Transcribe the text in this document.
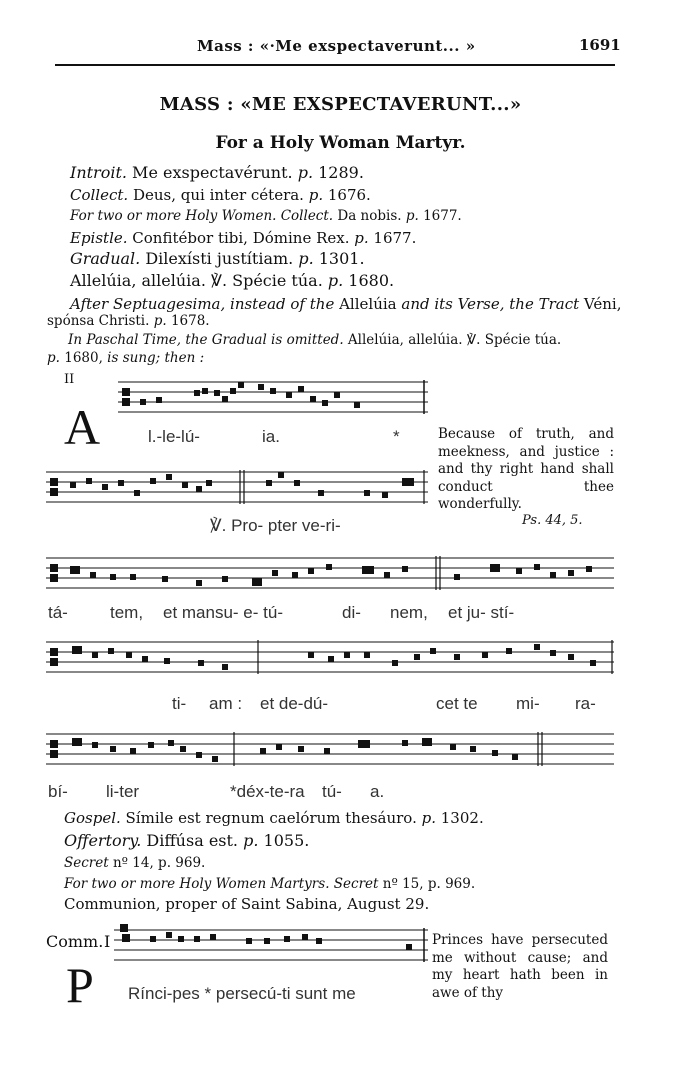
Mass : «·Me exspectaverunt... »	1691
MASS : «ME EXSPECTAVERUNT...»
For a Holy Woman Martyr.
Introit. Me exspectavérunt. p. 1289.
Collect. Deus, qui inter cétera. p. 1676.
For two or more Holy Women. Collect. Da nobis. p. 1677.
Epistle. Confitébor tibi, Dómine Rex. p. 1677.
Gradual. Dilexísti justítiam. p. 1301.
Allelúia, allelúia. ℣. Spécie túa. p. 1680.
After Septuagesima, instead of the Allelúia and its Verse, the Tract Véni,
spónsa Christi. p. 1678.
In Paschal Time, the Gradual is omitted. Allelúia, allelúia. ℣. Spécie túa.
p. 1680, is sung; then :
II
A	l.-le-lú-	ia.	*	Because of truth, and meekness, and justice : and thy right hand shall conduct thee wonderfully.
Ps. 44, 5.
℣. Pro- pter ve-ri-
tá- tem, et mansu- e- tú-	di- nem, et ju- stí-
ti- am : et de-dú-	cet te mi- ra-
bí- li-ter	*déx-te-ra tú- a.
Gospel. Símile est regnum caelórum thesáuro. p. 1302.
Offertory. Diffúsa est. p. 1055.
Secret nº 14, p. 969.
For two or more Holy Women Martyrs. Secret nº 15, p. 969.
Communion, proper of Saint Sabina, August 29.
Comm. I
P Rínci-pes * persecú-ti sunt me
Princes have persecuted me without cause; and my heart hath been in awe of thy
